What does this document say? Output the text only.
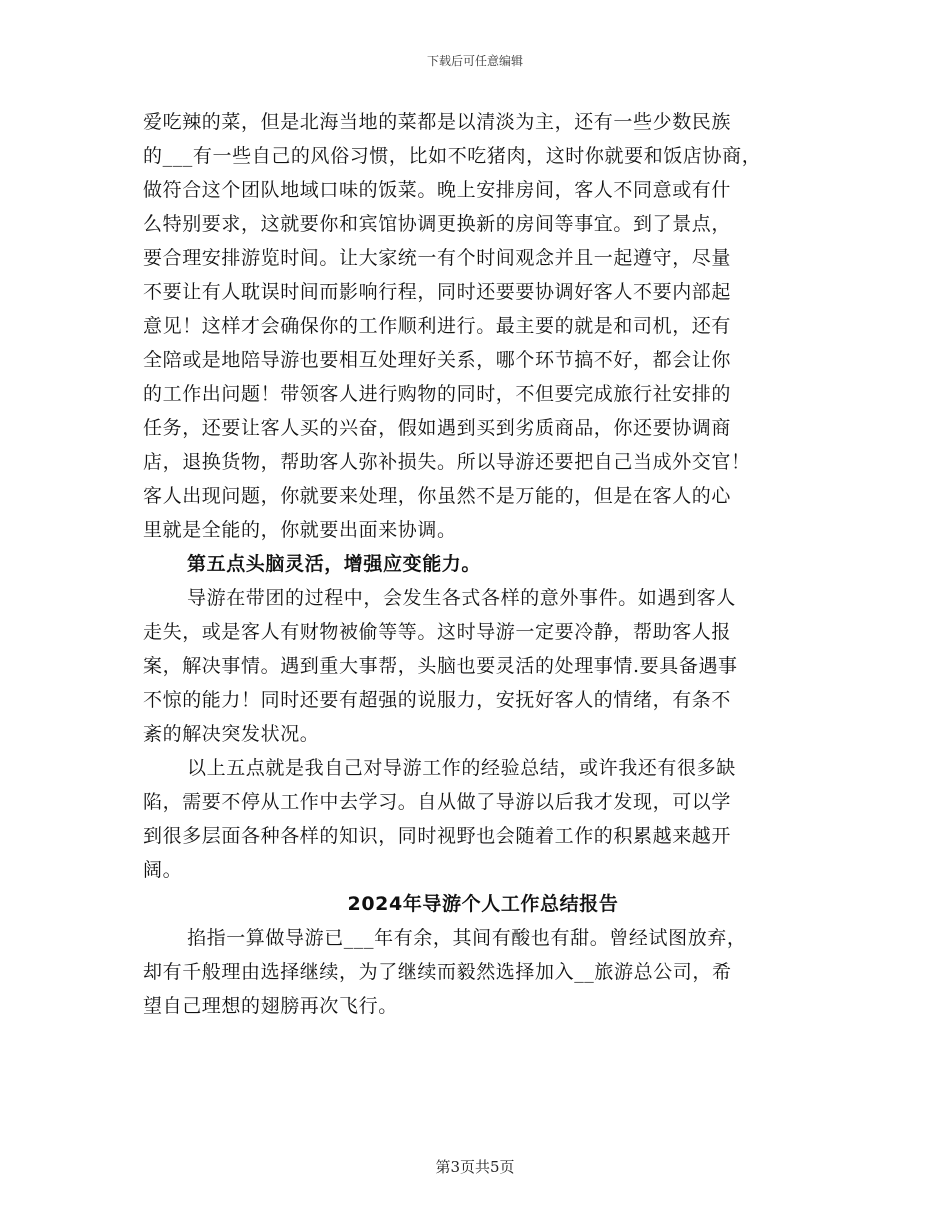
下载后可任意编辑
爱吃辣的菜，但是北海当地的菜都是以清淡为主，还有一些少数民族
的___有一些自己的风俗习惯，比如不吃猪肉，这时你就要和饭店协商，
做符合这个团队地域口味的饭菜。晚上安排房间，客人不同意或有什
么特别要求，这就要你和宾馆协调更换新的房间等事宜。到了景点，
要合理安排游览时间。让大家统一有个时间观念并且一起遵守，尽量
不要让有人耽误时间而影响行程，同时还要要协调好客人不要内部起
意见！这样才会确保你的工作顺利进行。最主要的就是和司机，还有
全陪或是地陪导游也要相互处理好关系，哪个环节搞不好，都会让你
的工作出问题！带领客人进行购物的同时，不但要完成旅行社安排的
任务，还要让客人买的兴奋，假如遇到买到劣质商品，你还要协调商
店，退换货物，帮助客人弥补损失。所以导游还要把自己当成外交官！
客人出现问题，你就要来处理，你虽然不是万能的，但是在客人的心
里就是全能的，你就要出面来协调。
第五点头脑灵活，增强应变能力。
导游在带团的过程中，会发生各式各样的意外事件。如遇到客人
走失，或是客人有财物被偷等等。这时导游一定要冷静，帮助客人报
案，解决事情。遇到重大事帮，头脑也要灵活的处理事情.要具备遇事
不惊的能力！同时还要有超强的说服力，安抚好客人的情绪，有条不
紊的解决突发状况。
以上五点就是我自己对导游工作的经验总结，或许我还有很多缺
陷，需要不停从工作中去学习。自从做了导游以后我才发现，可以学
到很多层面各种各样的知识，同时视野也会随着工作的积累越来越开
阔。
2024年导游个人工作总结报告
掐指一算做导游已___年有余，其间有酸也有甜。曾经试图放弃，
却有千般理由选择继续，为了继续而毅然选择加入__旅游总公司，希
望自己理想的翅膀再次飞行。
第3页共5页
